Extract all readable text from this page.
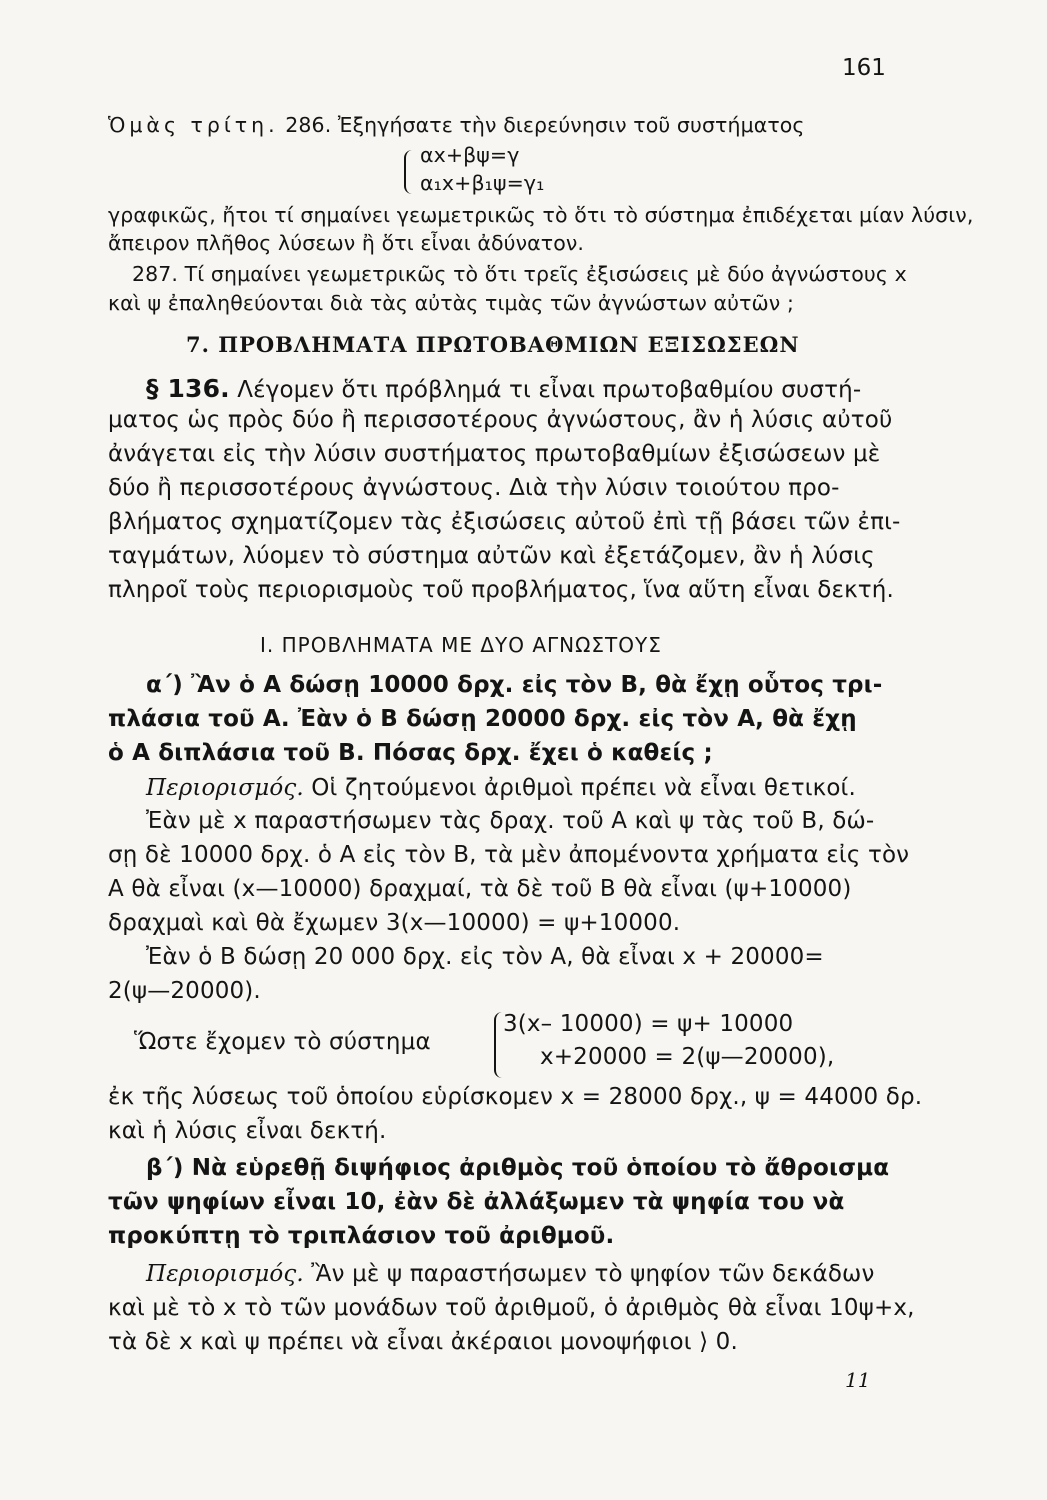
161
Ὁμὰς τρίτη. 286. Ἐξηγήσατε τὴν διερεύνησιν τοῦ συστήματος
αx+βψ=γ
α₁x+β₁ψ=γ₁
γραφικῶς, ἤτοι τί σημαίνει γεωμετρικῶς τὸ ὅτι τὸ σύστημα ἐπιδέχεται μίαν λύσιν,
ἄπειρον πλῆθος λύσεων ἢ ὅτι εἶναι ἀδύνατον.
287. Τί σημαίνει γεωμετρικῶς τὸ ὅτι τρεῖς ἐξισώσεις μὲ δύο ἀγνώστους x
καὶ ψ ἐπαληθεύονται διὰ τὰς αὐτὰς τιμὰς τῶν ἀγνώστων αὐτῶν ;
7. ΠΡΟΒΛΗΜΑΤΑ ΠΡΩΤΟΒΑΘΜΙΩΝ ΕΞΙΣΩΣΕΩΝ
§ 136. Λέγομεν ὅτι πρόβλημά τι εἶναι πρωτοβαθμίου συστή-
ματος ὡς πρὸς δύο ἢ περισσοτέρους ἀγνώστους, ἂν ἡ λύσις αὐτοῦ
ἀνάγεται εἰς τὴν λύσιν συστήματος πρωτοβαθμίων ἐξισώσεων μὲ
δύο ἢ περισσοτέρους ἀγνώστους. Διὰ τὴν λύσιν τοιούτου προ-
βλήματος σχηματίζομεν τὰς ἐξισώσεις αὐτοῦ ἐπὶ τῇ βάσει τῶν ἐπι-
ταγμάτων, λύομεν τὸ σύστημα αὐτῶν καὶ ἐξετάζομεν, ἂν ἡ λύσις
πληροῖ τοὺς περιορισμοὺς τοῦ προβλήματος, ἵνα αὕτη εἶναι δεκτή.
Ι. ΠΡΟΒΛΗΜΑΤΑ ΜΕ ΔΥΟ ΑΓΝΩΣΤΟΥΣ
α΄) Ἂν ὁ Α δώσῃ 10000 δρχ. εἰς τὸν Β, θὰ ἔχῃ οὗτος τρι-
πλάσια τοῦ Α. Ἐὰν ὁ Β δώσῃ 20000 δρχ. εἰς τὸν Α, θὰ ἔχῃ
ὁ Α διπλάσια τοῦ Β. Πόσας δρχ. ἔχει ὁ καθείς ;
Περιορισμός. Οἱ ζητούμενοι ἀριθμοὶ πρέπει νὰ εἶναι θετικοί.
Ἐὰν μὲ x παραστήσωμεν τὰς δραχ. τοῦ Α καὶ ψ τὰς τοῦ Β, δώ-
σῃ δὲ 10000 δρχ. ὁ Α εἰς τὸν Β, τὰ μὲν ἀπομένοντα χρήματα εἰς τὸν
Α θὰ εἶναι (x—10000) δραχμαί, τὰ δὲ τοῦ Β θὰ εἶναι (ψ+10000)
δραχμαὶ καὶ θὰ ἔχωμεν 3(x—10000) = ψ+10000.
Ἐὰν ὁ Β δώσῃ 20 000 δρχ. εἰς τὸν Α, θὰ εἶναι x + 20000=
2(ψ—20000).
Ὥστε ἔχομεν τὸ σύστημα
3(x– 10000) = ψ+ 10000
x+20000 = 2(ψ—20000),
ἐκ τῆς λύσεως τοῦ ὁποίου εὑρίσκομεν x = 28000 δρχ., ψ = 44000 δρ.
καὶ ἡ λύσις εἶναι δεκτή.
β΄) Νὰ εὑρεθῇ διψήφιος ἀριθμὸς τοῦ ὁποίου τὸ ἄθροισμα
τῶν ψηφίων εἶναι 10, ἐὰν δὲ ἀλλάξωμεν τὰ ψηφία του νὰ
προκύπτῃ τὸ τριπλάσιον τοῦ ἀριθμοῦ.
Περιορισμός. Ἂν μὲ ψ παραστήσωμεν τὸ ψηφίον τῶν δεκάδων
καὶ μὲ τὸ x τὸ τῶν μονάδων τοῦ ἀριθμοῦ, ὁ ἀριθμὸς θὰ εἶναι 10ψ+x,
τὰ δὲ x καὶ ψ πρέπει νὰ εἶναι ἀκέραιοι μονοψήφιοι ⟩ 0.
11
